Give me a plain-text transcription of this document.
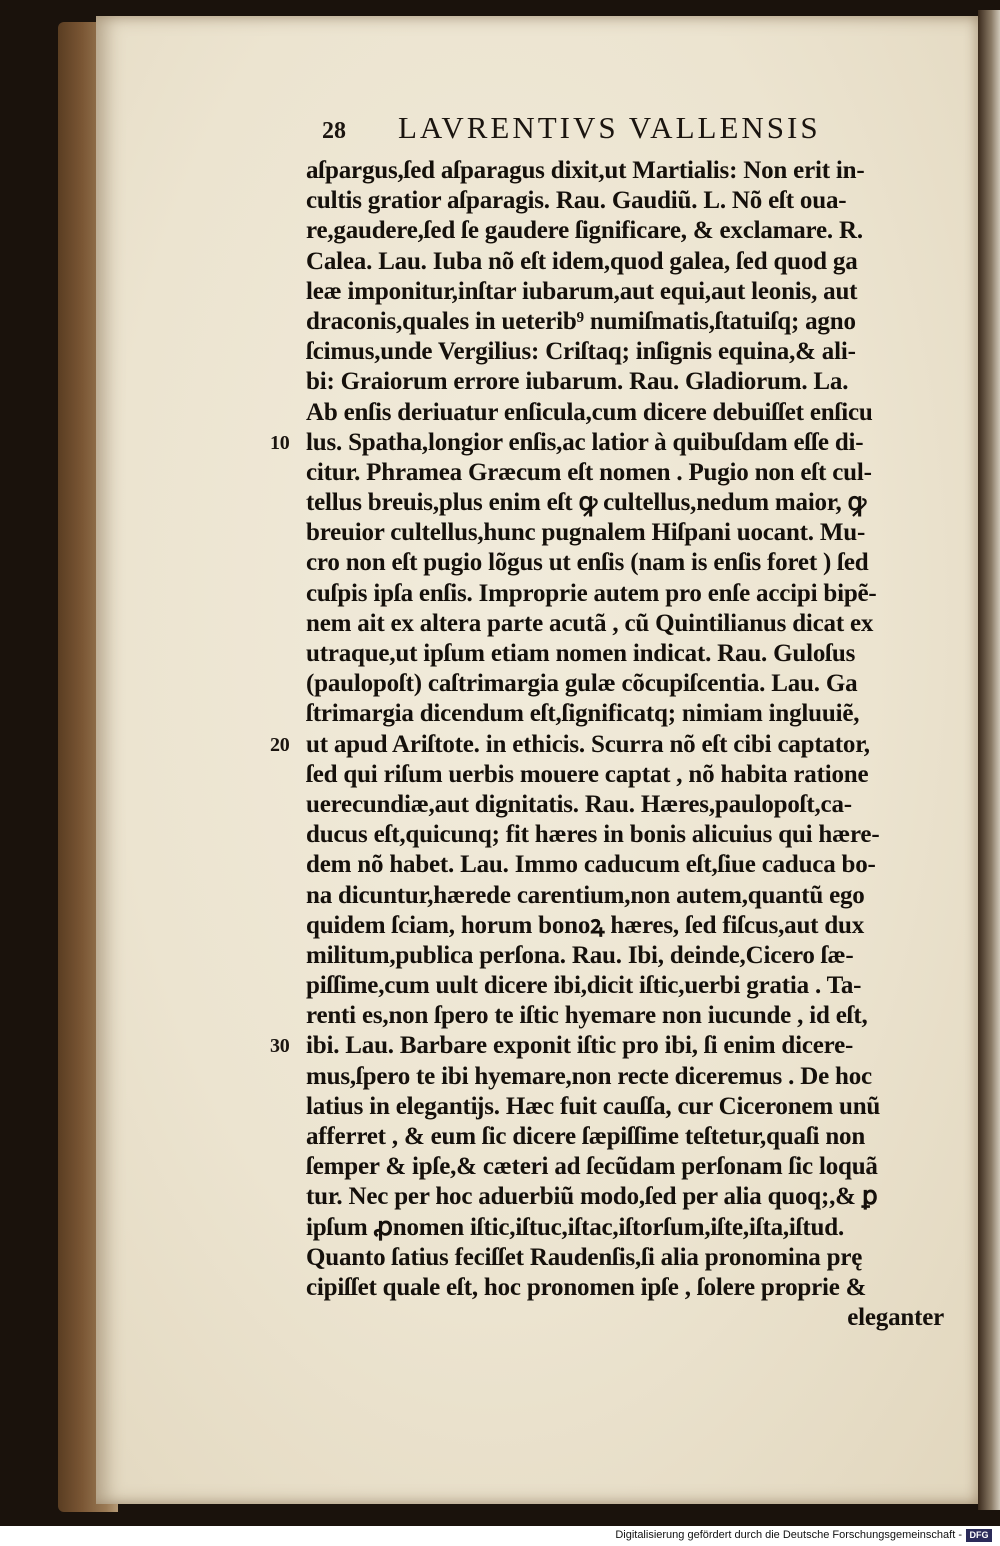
28 LAVRENTIVS VALLENSIS
aſpargus,ſed aſparagus dixit,ut Martialis: Non erit in-
cultis gratior aſparagis. Rau. Gaudiũ. L. Nõ eſt oua-
re,gaudere,ſed ſe gaudere ſignificare, & exclamare. R.
Calea. Lau. Iuba nõ eſt idem,quod galea, ſed quod ga
leæ imponitur,inſtar iubarum,aut equi,aut leonis, aut
draconis,quales in ueterib⁹ numiſmatis,ſtatuiſq; agno
ſcimus,unde Vergilius: Criſtaq; inſignis equina,& ali-
bi: Graiorum errore iubarum. Rau. Gladiorum. La.
Ab enſis deriuatur enſicula,cum dicere debuiſſet enſicu
10 lus. Spatha,longior enſis,ac latior à quibuſdam eſſe di-
citur. Phramea Græcum eſt nomen . Pugio non eſt cul-
tellus breuis,plus enim eſt ꝙ cultellus,nedum maior, ꝙ
breuior cultellus,hunc pugnalem Hiſpani uocant. Mu-
cro non eſt pugio lõgus ut enſis (nam is enſis foret ) ſed
cuſpis ipſa enſis. Improprie autem pro enſe accipi bipẽ-
nem ait ex altera parte acutã , cũ Quintilianus dicat ex
utraque,ut ipſum etiam nomen indicat. Rau. Guloſus
(paulopoſt) caſtrimargia gulæ cõcupiſcentia. Lau. Ga
ſtrimargia dicendum eſt,ſignificatq; nimiam ingluuiẽ,
20 ut apud Ariſtote. in ethicis. Scurra nõ eſt cibi captator,
ſed qui riſum uerbis mouere captat , nõ habita ratione
uerecundiæ,aut dignitatis. Rau. Hæres,paulopoſt,ca-
ducus eſt,quicunq; fit hæres in bonis alicuius qui hære-
dem nõ habet. Lau. Immo caducum eſt,ſiue caduca bo-
na dicuntur,hærede carentium,non autem,quantũ ego
quidem ſciam, horum bonoꝝ hæres, ſed fiſcus,aut dux
militum,publica perſona. Rau. Ibi, deinde,Cicero ſæ-
piſſime,cum uult dicere ibi,dicit iſtic,uerbi gratia . Ta-
renti es,non ſpero te iſtic hyemare non iucunde , id eſt,
30 ibi. Lau. Barbare exponit iſtic pro ibi, ſi enim dicere-
mus,ſpero te ibi hyemare,non recte diceremus . De hoc
latius in elegantĳs. Hæc fuit cauſſa, cur Ciceronem unũ
afferret , & eum ſic dicere ſæpiſſime teſtetur,quaſi non
ſemper & ipſe,& cæteri ad ſecũdam perſonam ſic loquã
tur. Nec per hoc aduerbiũ modo,ſed per alia quoq;,& ꝑ
ipſum ꝓnomen iſtic,iſtuc,iſtac,iſtorſum,iſte,iſta,iſtud.
Quanto ſatius feciſſet Raudenſis,ſi alia pronomina prę
cipiſſet quale eſt, hoc pronomen ipſe , ſolere proprie &
eleganter
Digitalisierung gefördert durch die Deutsche Forschungsgemeinschaft - DFG
